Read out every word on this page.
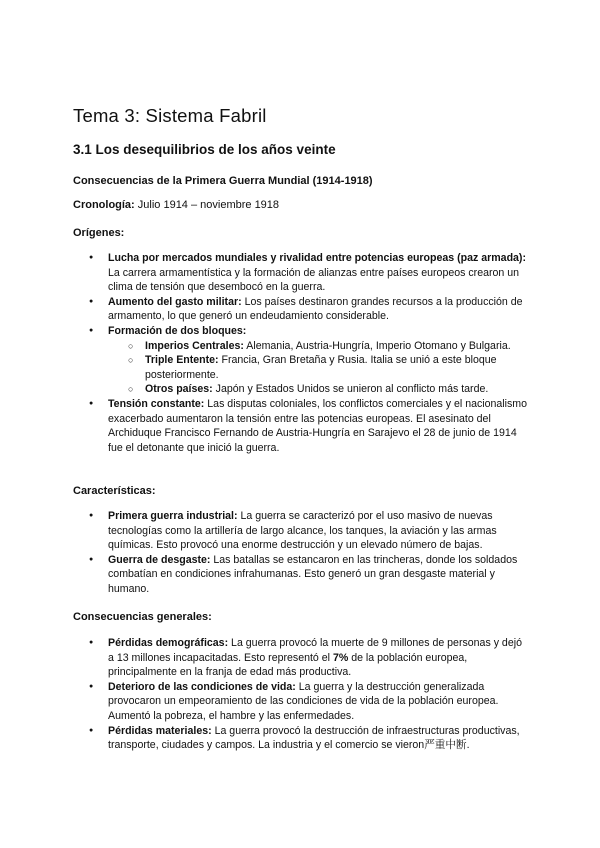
Tema 3: Sistema Fabril
3.1 Los desequilibrios de los años veinte

Consecuencias de la Primera Guerra Mundial (1914-1918)

Cronología: Julio 1914 – noviembre 1918

Orígenes:

● Lucha por mercados mundiales y rivalidad entre potencias europeas (paz armada): La carrera armamentística y la formación de alianzas entre países europeos crearon un clima de tensión que desembocó en la guerra.
● Aumento del gasto militar: Los países destinaron grandes recursos a la producción de armamento, lo que generó un endeudamiento considerable.
● Formación de dos bloques:
○ Imperios Centrales: Alemania, Austria-Hungría, Imperio Otomano y Bulgaria.
○ Triple Entente: Francia, Gran Bretaña y Rusia. Italia se unió a este bloque posteriormente.
○ Otros países: Japón y Estados Unidos se unieron al conflicto más tarde.
● Tensión constante: Las disputas coloniales, los conflictos comerciales y el nacionalismo exacerbado aumentaron la tensión entre las potencias europeas. El asesinato del Archiduque Francisco Fernando de Austria-Hungría en Sarajevo el 28 de junio de 1914 fue el detonante que inició la guerra.

Características:

● Primera guerra industrial: La guerra se caracterizó por el uso masivo de nuevas tecnologías como la artillería de largo alcance, los tanques, la aviación y las armas químicas. Esto provocó una enorme destrucción y un elevado número de bajas.
● Guerra de desgaste: Las batallas se estancaron en las trincheras, donde los soldados combatían en condiciones infrahumanas. Esto generó un gran desgaste material y humano.

Consecuencias generales:

● Pérdidas demográficas: La guerra provocó la muerte de 9 millones de personas y dejó a 13 millones incapacitadas. Esto representó el 7% de la población europea, principalmente en la franja de edad más productiva.
● Deterioro de las condiciones de vida: La guerra y la destrucción generalizada provocaron un empeoramiento de las condiciones de vida de la población europea. Aumentó la pobreza, el hambre y las enfermedades.
● Pérdidas materiales: La guerra provocó la destrucción de infraestructuras productivas, transporte, ciudades y campos. La industria y el comercio se vieron严重中断.
